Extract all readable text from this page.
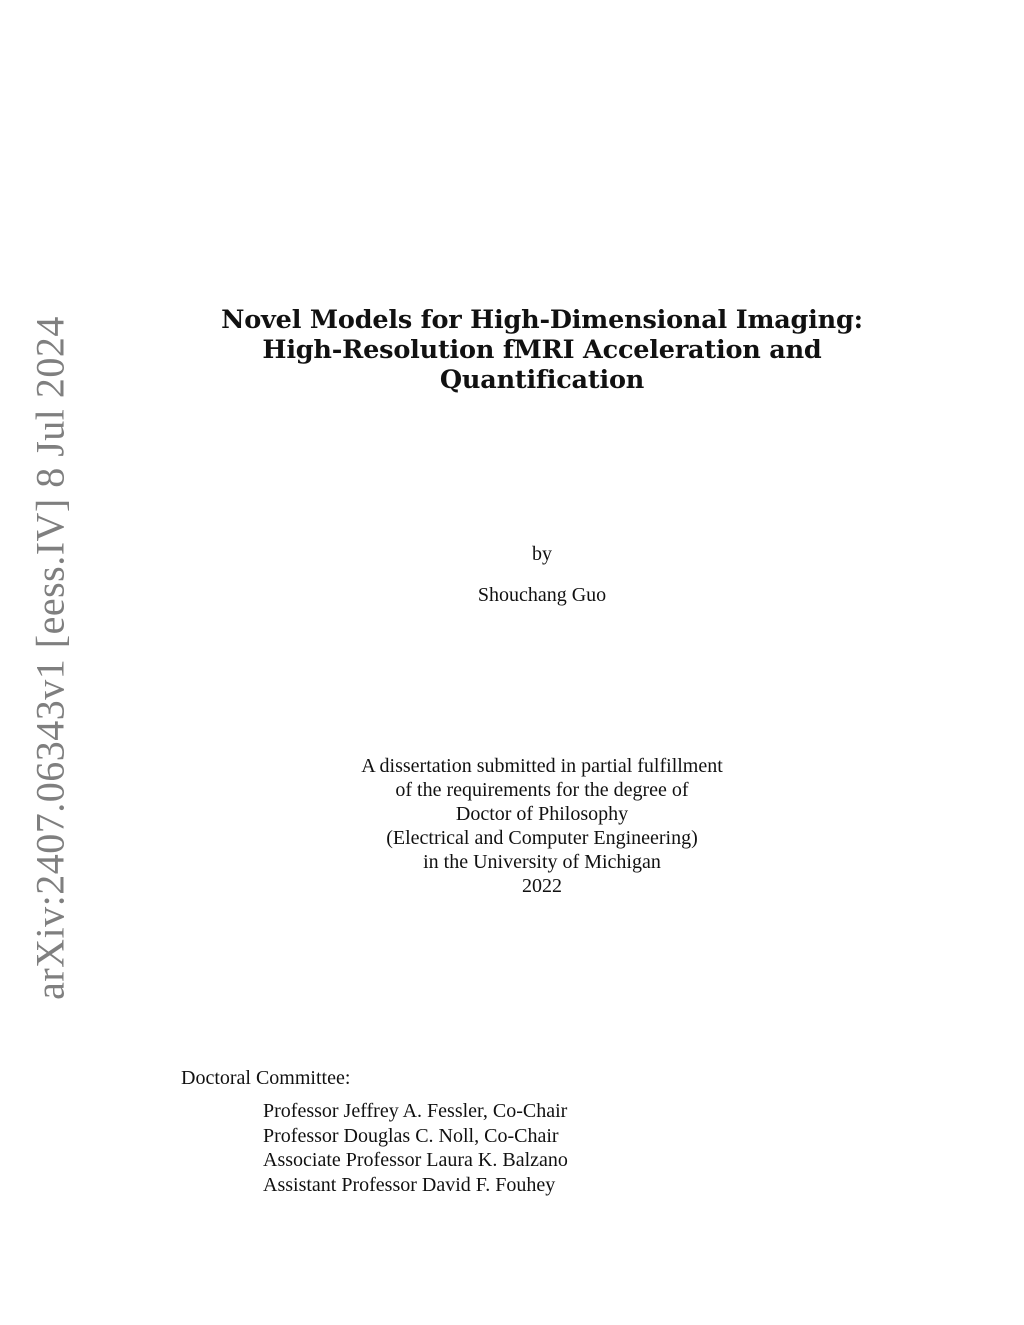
arXiv:2407.06343v1 [eess.IV] 8 Jul 2024	Novel Models for High-Dimensional Imaging:
High-Resolution fMRI Acceleration and
Quantification
by
Shouchang Guo
A dissertation submitted in partial fulfillment
of the requirements for the degree of
Doctor of Philosophy
(Electrical and Computer Engineering)
in the University of Michigan
2022
Doctoral Committee:
Professor Jeffrey A. Fessler, Co-Chair
Professor Douglas C. Noll, Co-Chair
Associate Professor Laura K. Balzano
Assistant Professor David F. Fouhey
